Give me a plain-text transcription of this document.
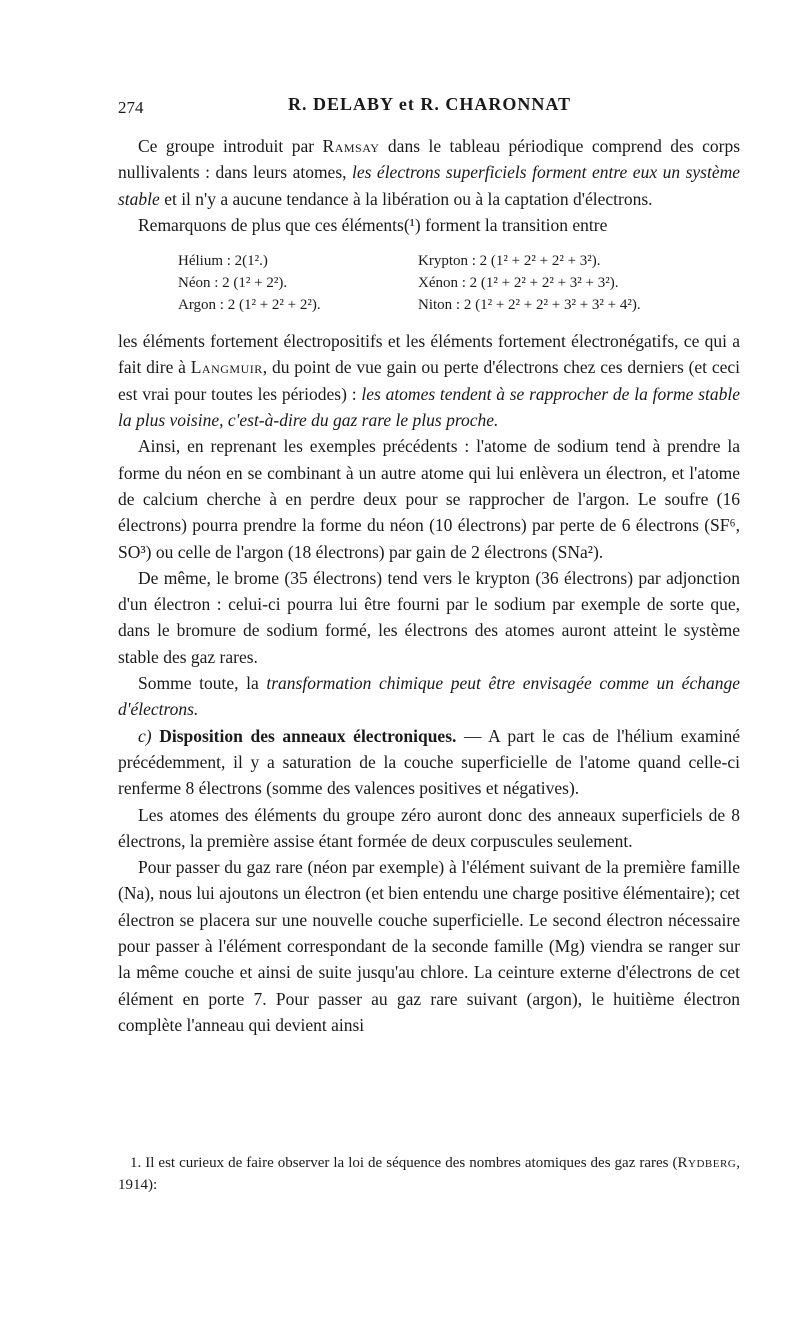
274	R. DELABY et R. CHARONNAT

Ce groupe introduit par Ramsay dans le tableau périodique comprend des corps nullivalents : dans leurs atomes, les électrons superficiels forment entre eux un système stable et il n'y a aucune tendance à la libération ou à la captation d'électrons.

Remarquons de plus que ces éléments(¹) forment la transition entre

Hélium : 2(1².)	Krypton : 2 (1² + 2² + 2² + 3²).
Néon : 2 (1² + 2²).	Xénon : 2 (1² + 2² + 2² + 3² + 3²).
Argon : 2 (1² + 2² + 2²).	Niton : 2 (1² + 2² + 2² + 3² + 3² + 4²).

les éléments fortement électropositifs et les éléments fortement électronégatifs, ce qui a fait dire à Langmuir, du point de vue gain ou perte d'électrons chez ces derniers (et ceci est vrai pour toutes les périodes) : les atomes tendent à se rapprocher de la forme stable la plus voisine, c'est-à-dire du gaz rare le plus proche.

Ainsi, en reprenant les exemples précédents : l'atome de sodium tend à prendre la forme du néon en se combinant à un autre atome qui lui enlèvera un électron, et l'atome de calcium cherche à en perdre deux pour se rapprocher de l'argon. Le soufre (16 électrons) pourra prendre la forme du néon (10 électrons) par perte de 6 électrons (SF⁶, SO³) ou celle de l'argon (18 électrons) par gain de 2 électrons (SNa²).

De même, le brome (35 électrons) tend vers le krypton (36 électrons) par adjonction d'un électron : celui-ci pourra lui être fourni par le sodium par exemple de sorte que, dans le bromure de sodium formé, les électrons des atomes auront atteint le système stable des gaz rares.

Somme toute, la transformation chimique peut être envisagée comme un échange d'électrons.

c) Disposition des anneaux électroniques. — A part le cas de l'hélium examiné précédemment, il y a saturation de la couche superficielle de l'atome quand celle-ci renferme 8 électrons (somme des valences positives et négatives).

Les atomes des éléments du groupe zéro auront donc des anneaux superficiels de 8 électrons, la première assise étant formée de deux corpuscules seulement.

Pour passer du gaz rare (néon par exemple) à l'élément suivant de la première famille (Na), nous lui ajoutons un électron (et bien entendu une charge positive élémentaire); cet électron se placera sur une nouvelle couche superficielle. Le second électron nécessaire pour passer à l'élément correspondant de la seconde famille (Mg) viendra se ranger sur la même couche et ainsi de suite jusqu'au chlore. La ceinture externe d'électrons de cet élément en porte 7. Pour passer au gaz rare suivant (argon), le huitième électron complète l'anneau qui devient ainsi

1. Il est curieux de faire observer la loi de séquence des nombres atomiques des gaz rares (Rydberg, 1914):
